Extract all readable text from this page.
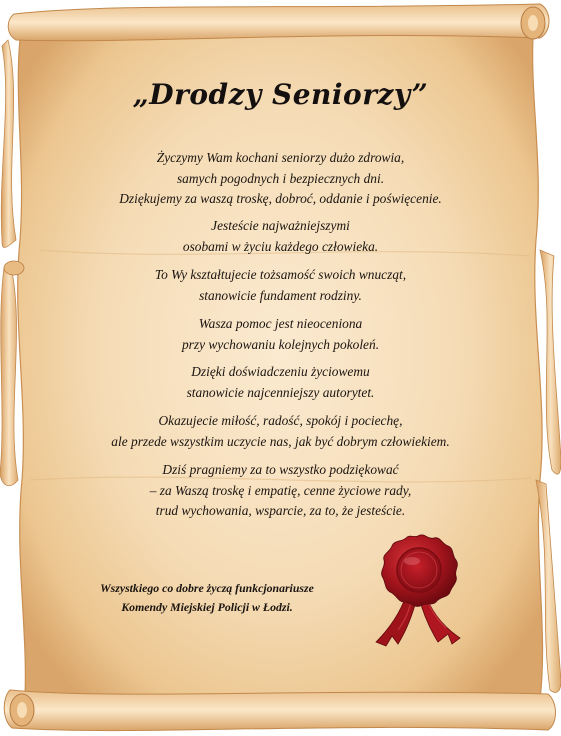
„Drodzy Seniorzy”
Życzymy Wam kochani seniorzy dużo zdrowia,
samych pogodnych i bezpiecznych dni.
Dziękujemy za waszą troskę, dobroć, oddanie i poświęcenie.
Jesteście najważniejszymi
osobami w życiu każdego człowieka.
To Wy kształtujecie tożsamość swoich wnucząt,
stanowicie fundament rodziny.
Wasza pomoc jest nieoceniona
przy wychowaniu kolejnych pokoleń.
Dzięki doświadczeniu życiowemu
stanowicie najcenniejszy autorytet.
Okazujecie miłość, radość, spokój i pociechę,
ale przede wszystkim uczycie nas, jak być dobrym człowiekiem.
Dziś pragniemy za to wszystko podziękować
– za Waszą troskę i empatię, cenne życiowe rady,
trud wychowania, wsparcie, za to, że jesteście.
Wszystkiego co dobre życzą funkcjonariusze
Komendy Miejskiej Policji w Łodzi.
